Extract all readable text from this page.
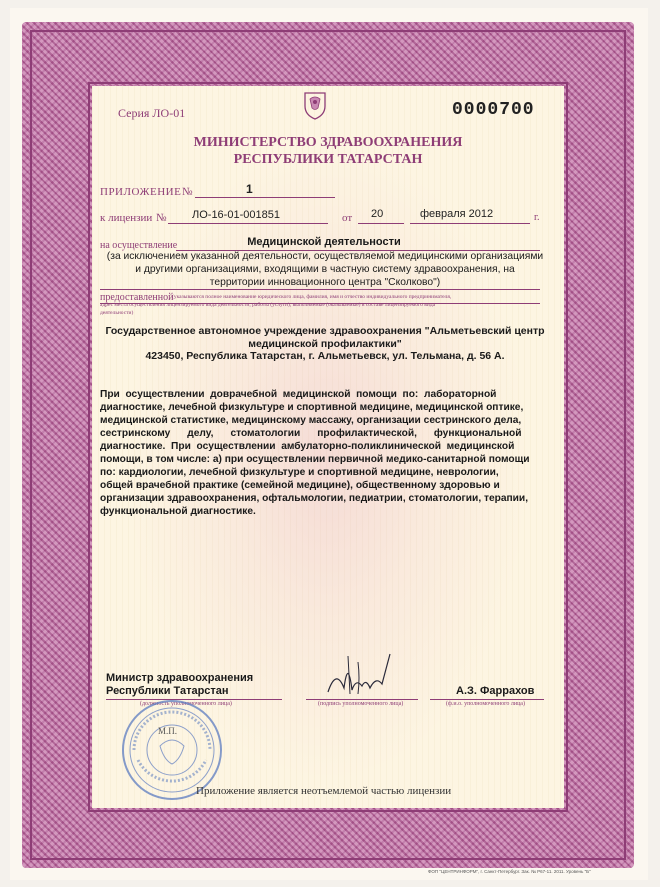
Серия ЛО-01	0000700
МИНИСТЕРСТВО ЗДРАВООХРАНЕНИЯ
РЕСПУБЛИКИ ТАТАРСТАН
ПРИЛОЖЕНИЕ №	1
к лицензии № ЛО-16-01-001851	от 20	февраля 2012	г.
на осуществление	Медицинской деятельности
(за исключением указанной деятельности, осуществляемой медицинскими организациями
и другими организациями, входящими в частную систему здравоохранения, на
территории инновационного центра "Сколково")
предоставленной
(указываются полное наименование юридического лица, фамилия, имя и отчество индивидуального предпринимателя,
адрес места осуществления лицензируемого вида деятельности, работы (услуги), выполняемые (оказываемые) в составе лицензируемого вида
деятельности)
Государственное автономное учреждение здравоохранения "Альметьевский центр
медицинской профилактики"
423450, Республика Татарстан, г. Альметьевск, ул. Тельмана, д. 56 А.
При  осуществлении  доврачебной  медицинской  помощи  по:  лабораторной
диагностике, лечебной физкультуре и спортивной медицине, медицинской оптике,
медицинской статистике, медицинскому массажу, организации сестринского дела,
сестринскому      делу,      стоматологии      профилактической,      функциональной
диагностике.  При  осуществлении  амбулаторно-поликлинической  медицинской
помощи, в том числе: а) при осуществлении первичной медико-санитарной помощи
по: кардиологии, лечебной физкультуре и спортивной медицине, неврологии,
общей врачебной практике (семейной медицине), общественному здоровью и
организации здравоохранения, офтальмологии, педиатрии, стоматологии, терапии,
функциональной диагностике.
Министр здравоохранения
Республики Татарстан
(должность уполномоченного лица)	(подпись уполномоченного лица)
А.З. Фаррахов
(ф.и.о. уполномоченного лица)
М.П.
Приложение является неотъемлемой частью лицензии
ФОП "ЦЕНТРИНФОРМ", г. Санкт-Петербург. Зак. № Р67-11. 2011. Уровень "Б"
